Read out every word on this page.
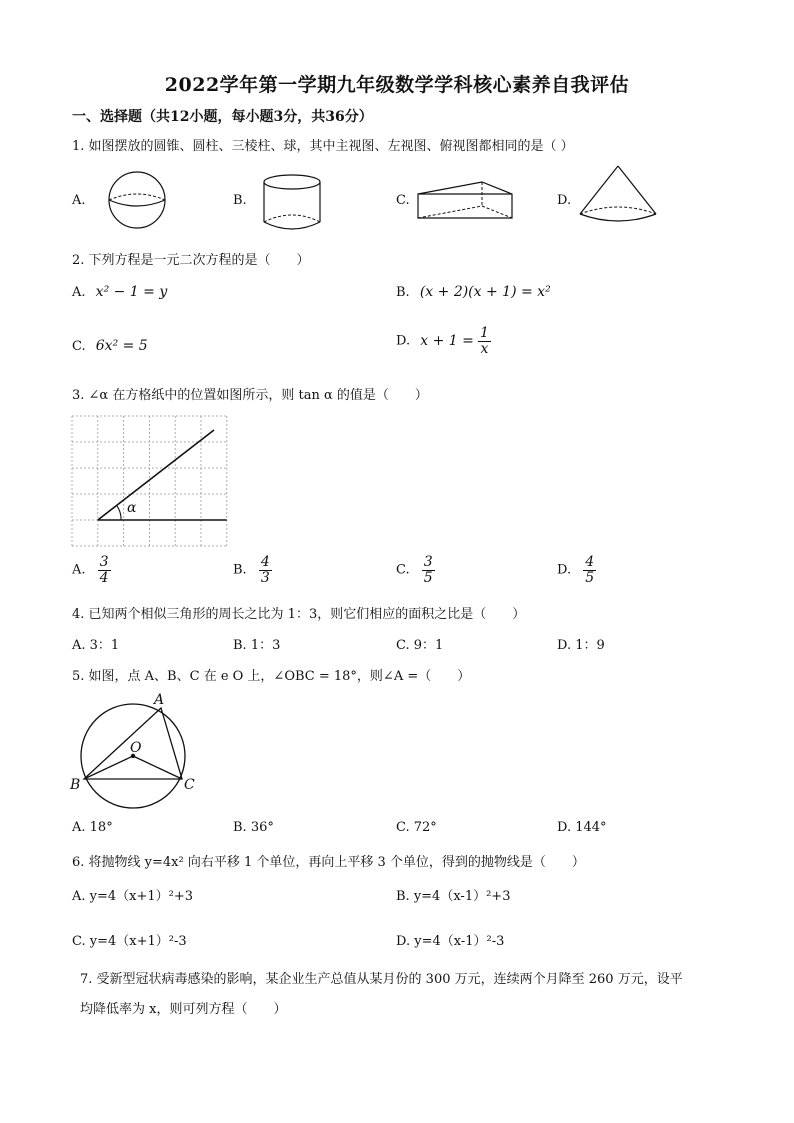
2022学年第一学期九年级数学学科核心素养自我评估
一、选择题（共12小题，每小题3分，共36分）
1. 如图摆放的圆锥、圆柱、三棱柱、球，其中主视图、左视图、俯视图都相同的是（ ）
A.	B.	C.	D.
2. 下列方程是一元二次方程的是（　　）
A. x² − 1 = y	B. (x + 2)(x + 1) = x²
C. 6x² = 5	D. $x + 1 = \frac{1}{x}$
3. ∠α 在方格纸中的位置如图所示，则 tan α 的值是（　　）
α
A. $\frac{3}{4}$	B. $\frac{4}{3}$	C. $\frac{3}{5}$	D. $\frac{4}{5}$
4. 已知两个相似三角形的周长之比为 1：3，则它们相应的面积之比是（　　）
A. 3：1	B. 1：3	C. 9：1	D. 1：9
5. 如图，点 A、B、C 在 e O 上，∠OBC = 18°，则∠A =（　　）
A
B	C
O
A. 18°	B. 36°	C. 72°	D. 144°
6. 将抛物线 y=4x² 向右平移 1 个单位，再向上平移 3 个单位，得到的抛物线是（　　）
A. y=4（x+1）²+3	B. y=4（x-1）²+3
C. y=4（x+1）²-3	D. y=4（x-1）²-3
7. 受新型冠状病毒感染的影响，某企业生产总值从某月份的 300 万元，连续两个月降至 260 万元，设平
均降低率为 x，则可列方程（　　）
